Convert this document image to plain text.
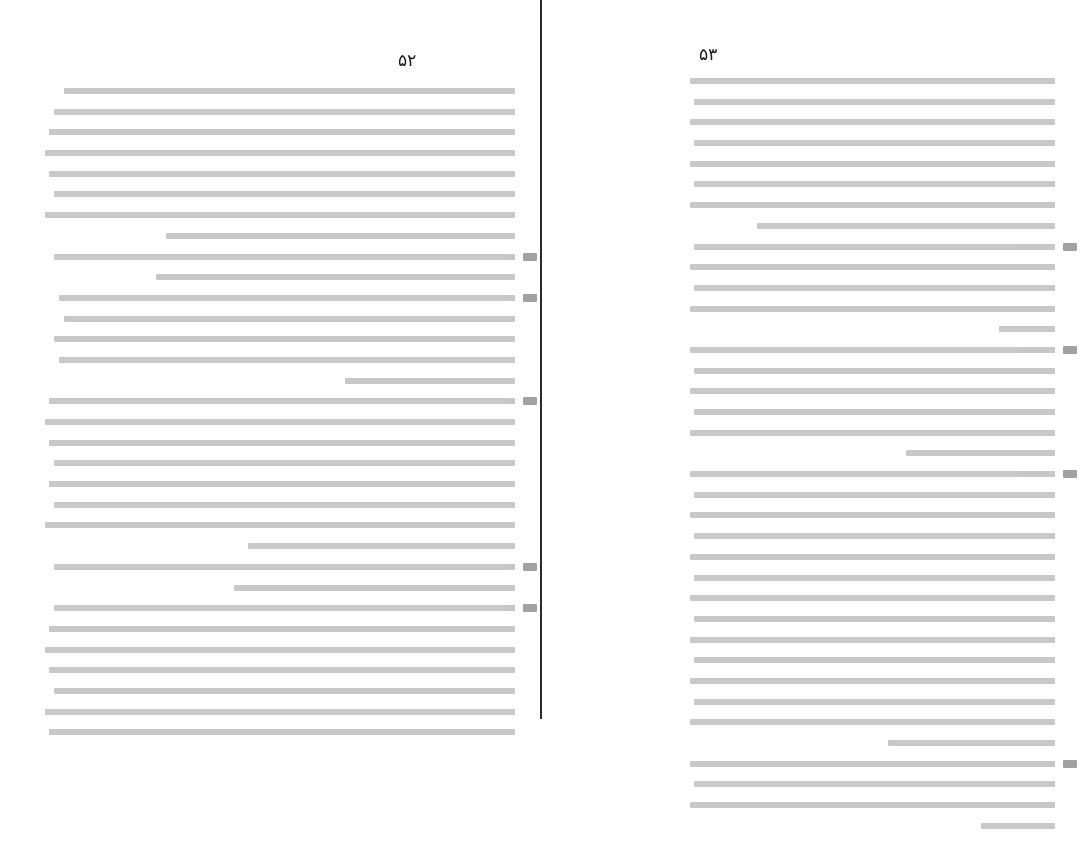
۵۲	۵۳
